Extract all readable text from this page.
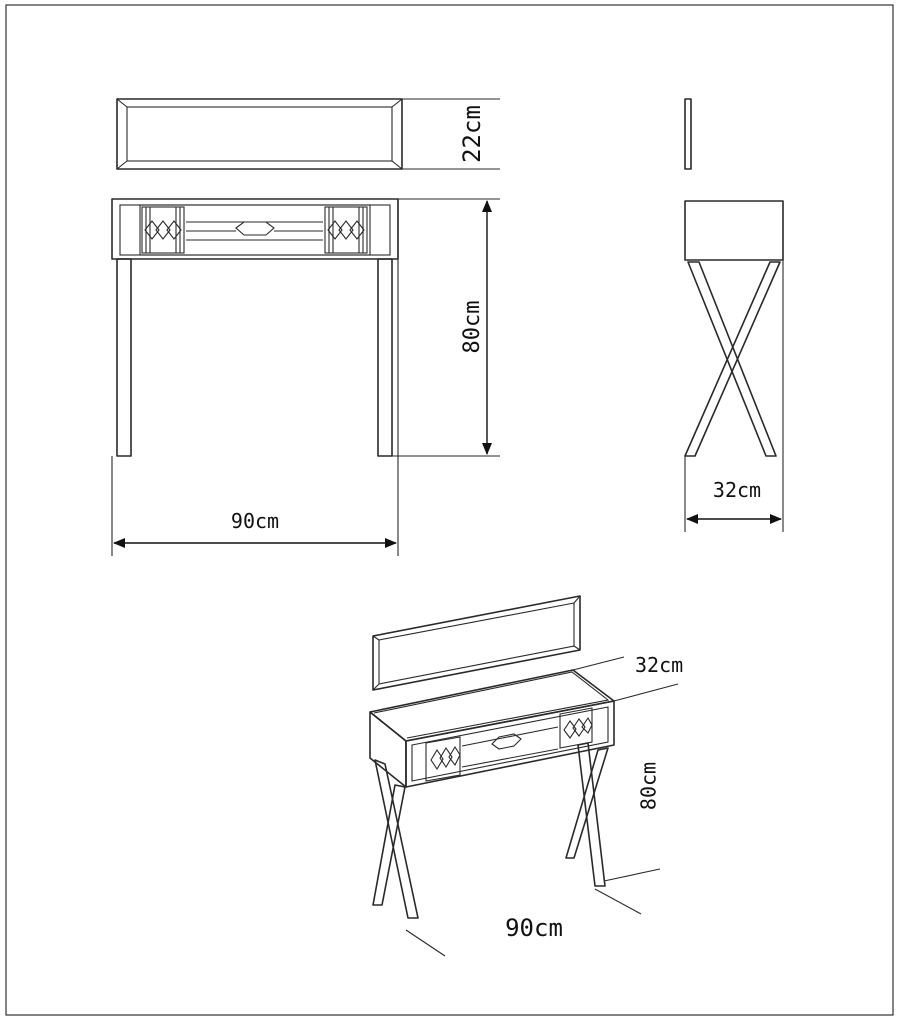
22cm
80cm
90cm
32cm
32cm
80cm
90cm
